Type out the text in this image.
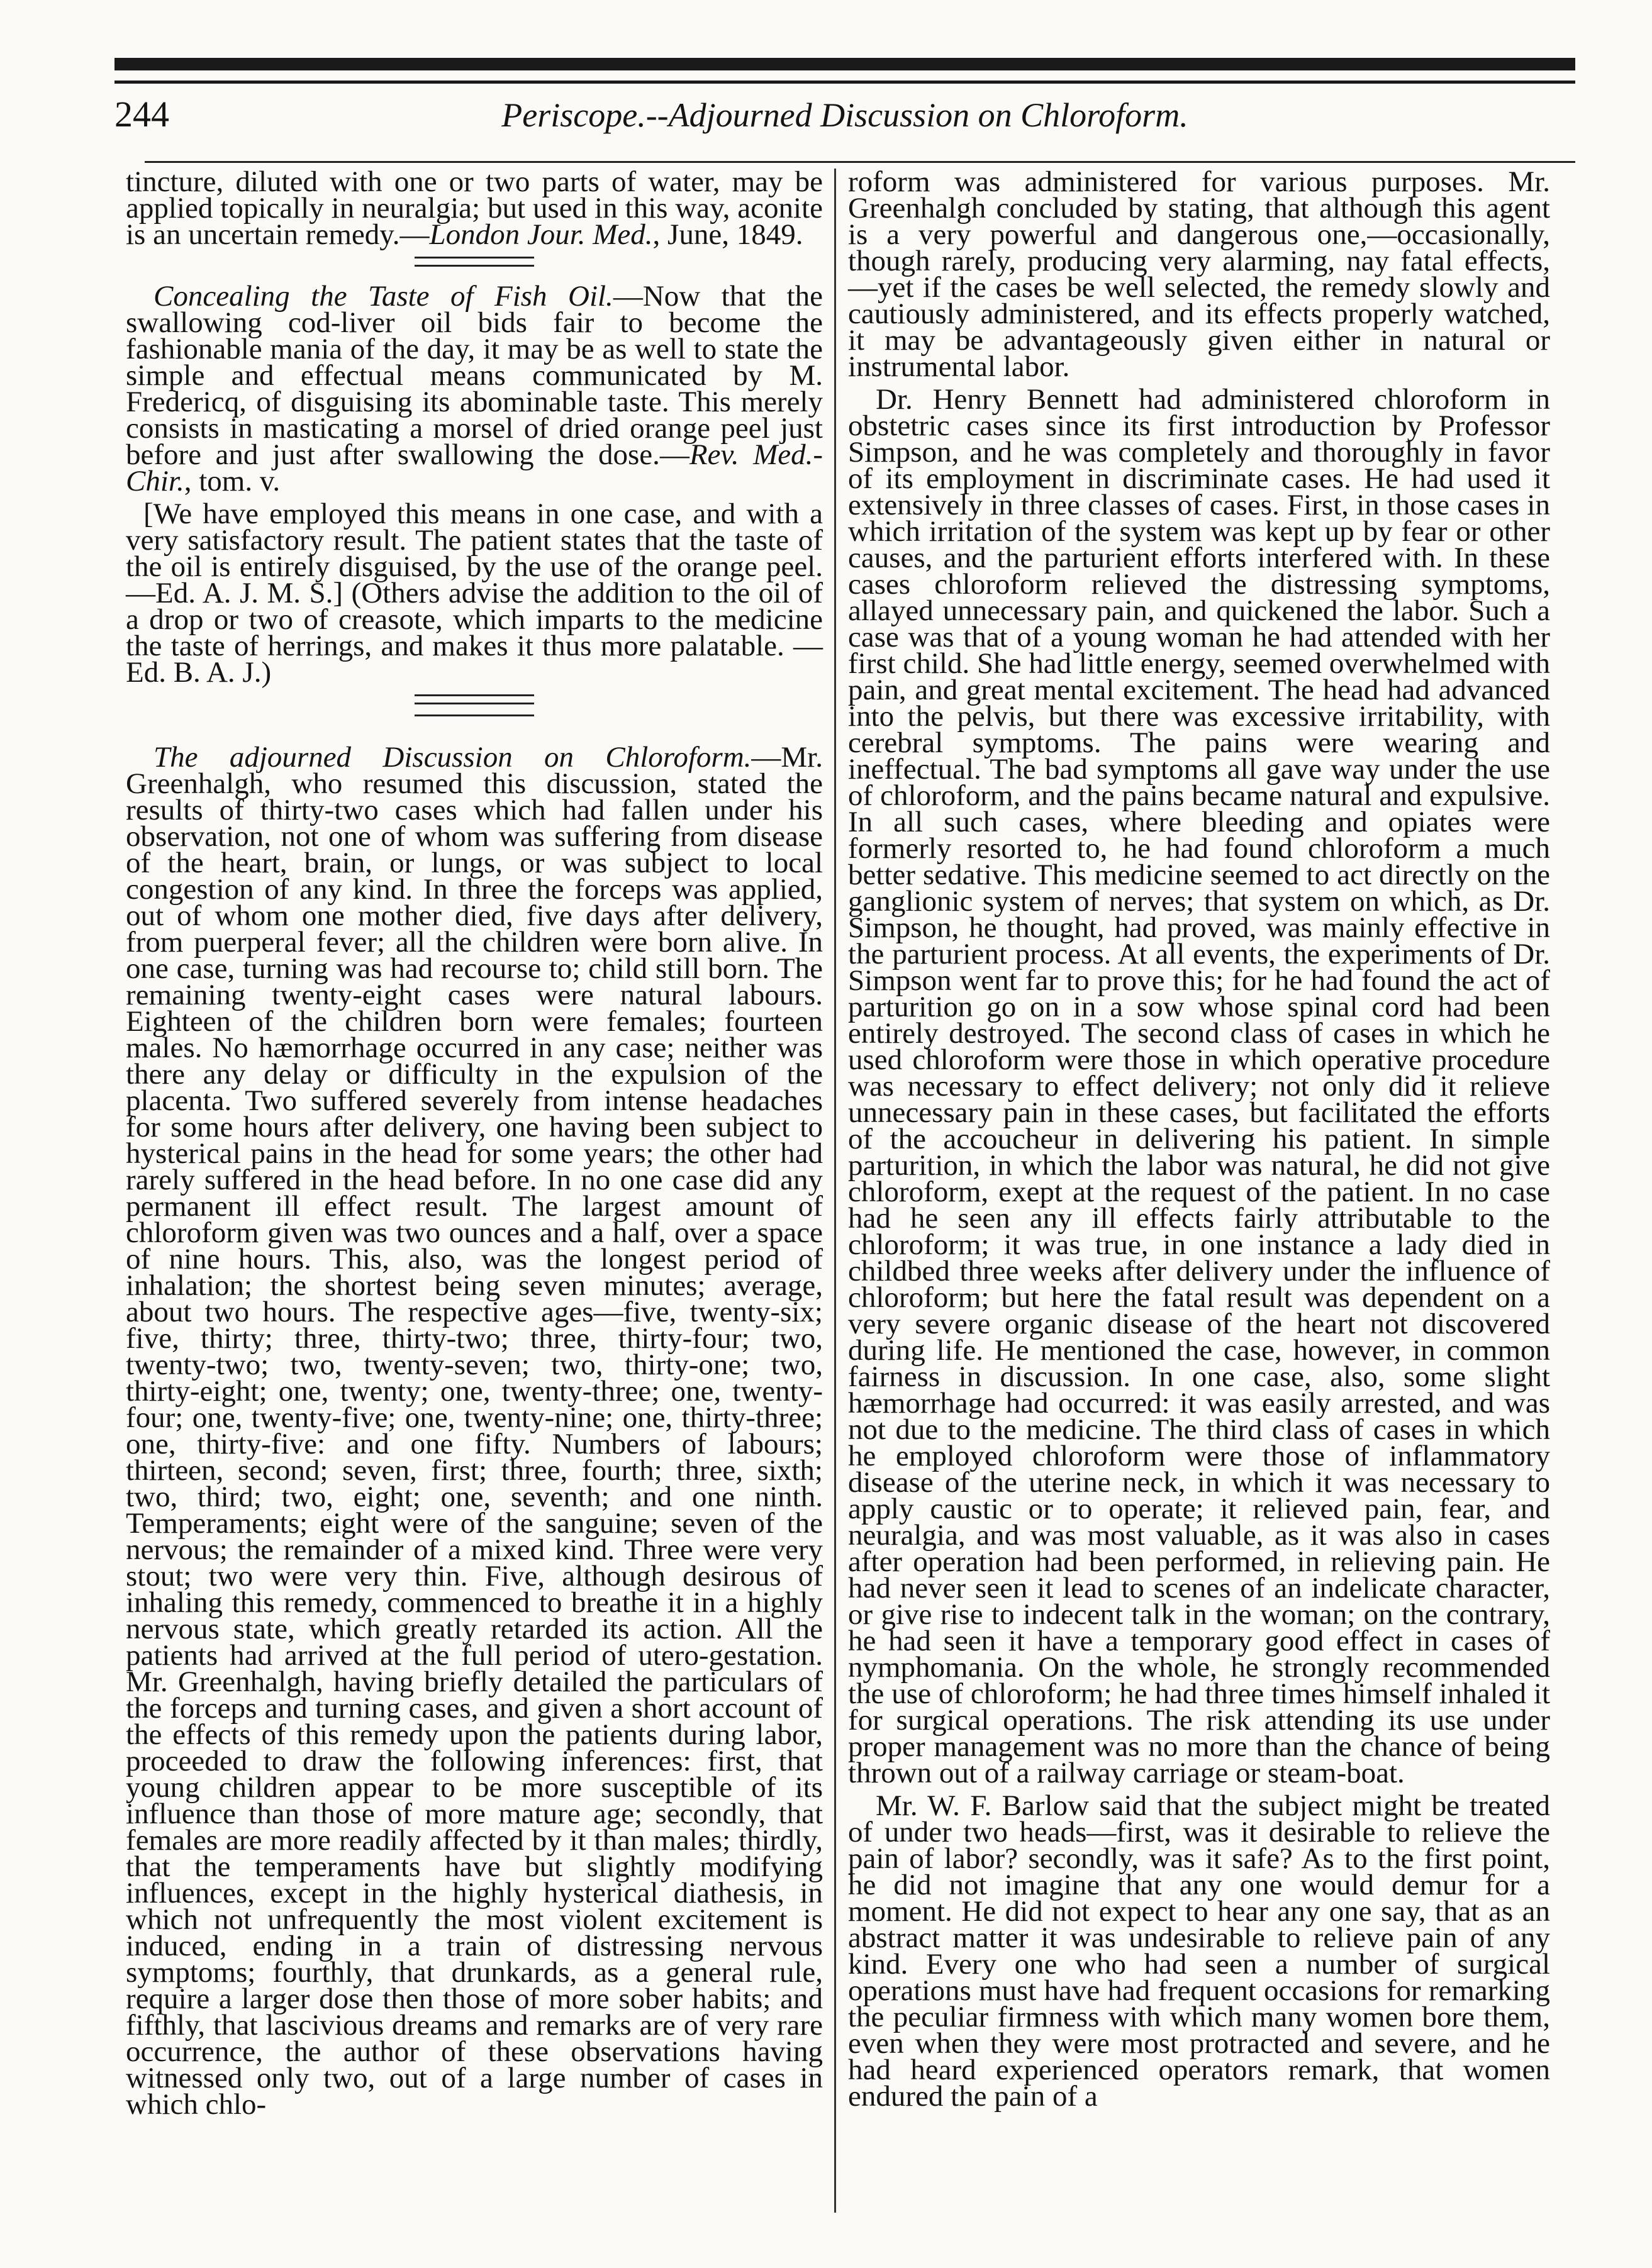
244	Periscope.--Adjourned Discussion on Chloroform.

tincture, diluted with one or two parts of water, may be applied topically in neuralgia; but used in this way, aconite is an uncertain remedy.—London Jour. Med., June, 1849.

Concealing the Taste of Fish Oil.—Now that the swallowing cod-liver oil bids fair to become the fashionable mania of the day, it may be as well to state the simple and effectual means communicated by M. Fredericq, of disguising its abominable taste. This merely consists in masticating a morsel of dried orange peel just before and just after swallowing the dose.—Rev. Med.-Chir., tom. v.

[We have employed this means in one case, and with a very satisfactory result. The patient states that the taste of the oil is entirely disguised, by the use of the orange peel.—Ed. A. J. M. S.] (Others advise the addition to the oil of a drop or two of creasote, which imparts to the medicine the taste of herrings, and makes it thus more palatable. —Ed. B. A. J.)

The adjourned Discussion on Chloroform.—Mr. Greenhalgh, who resumed this discussion, stated the results of thirty-two cases which had fallen under his observation, not one of whom was suffering from disease of the heart, brain, or lungs, or was subject to local congestion of any kind. In three the forceps was applied, out of whom one mother died, five days after delivery, from puerperal fever; all the children were born alive. In one case, turning was had recourse to; child still born. The remaining twenty-eight cases were natural labours. Eighteen of the children born were females; fourteen males. No hæmorrhage occurred in any case; neither was there any delay or difficulty in the expulsion of the placenta. Two suffered severely from intense headaches for some hours after delivery, one having been subject to hysterical pains in the head for some years; the other had rarely suffered in the head before. In no one case did any permanent ill effect result. The largest amount of chloroform given was two ounces and a half, over a space of nine hours. This, also, was the longest period of inhalation; the shortest being seven minutes; average, about two hours. The respective ages—five, twenty-six; five, thirty; three, thirty-two; three, thirty-four; two, twenty-two; two, twenty-seven; two, thirty-one; two, thirty-eight; one, twenty; one, twenty-three; one, twenty-four; one, twenty-five; one, twenty-nine; one, thirty-three; one, thirty-five: and one fifty. Numbers of labours; thirteen, second; seven, first; three, fourth; three, sixth; two, third; two, eight; one, seventh; and one ninth. Temperaments; eight were of the sanguine; seven of the nervous; the remainder of a mixed kind. Three were very stout; two were very thin. Five, although desirous of inhaling this remedy, commenced to breathe it in a highly nervous state, which greatly retarded its action. All the patients had arrived at the full period of utero-gestation. Mr. Greenhalgh, having briefly detailed the particulars of the forceps and turning cases, and given a short account of the effects of this remedy upon the patients during labor, proceeded to draw the following inferences: first, that young children appear to be more susceptible of its influence than those of more mature age; secondly, that females are more readily affected by it than males; thirdly, that the temperaments have but slightly modifying influences, except in the highly hysterical diathesis, in which not unfrequently the most violent excitement is induced, ending in a train of distressing nervous symptoms; fourthly, that drunkards, as a general rule, require a larger dose then those of more sober habits; and fifthly, that lascivious dreams and remarks are of very rare occurrence, the author of these observations having witnessed only two, out of a large number of cases in which chlo-

roform was administered for various purposes. Mr. Greenhalgh concluded by stating, that although this agent is a very powerful and dangerous one,—occasionally, though rarely, producing very alarming, nay fatal effects,—yet if the cases be well selected, the remedy slowly and cautiously administered, and its effects properly watched, it may be advantageously given either in natural or instrumental labor.

Dr. Henry Bennett had administered chloroform in obstetric cases since its first introduction by Professor Simpson, and he was completely and thoroughly in favor of its employment in discriminate cases. He had used it extensively in three classes of cases. First, in those cases in which irritation of the system was kept up by fear or other causes, and the parturient efforts interfered with. In these cases chloroform relieved the distressing symptoms, allayed unnecessary pain, and quickened the labor. Such a case was that of a young woman he had attended with her first child. She had little energy, seemed overwhelmed with pain, and great mental excitement. The head had advanced into the pelvis, but there was excessive irritability, with cerebral symptoms. The pains were wearing and ineffectual. The bad symptoms all gave way under the use of chloroform, and the pains became natural and expulsive. In all such cases, where bleeding and opiates were formerly resorted to, he had found chloroform a much better sedative. This medicine seemed to act directly on the ganglionic system of nerves; that system on which, as Dr. Simpson, he thought, had proved, was mainly effective in the parturient process. At all events, the experiments of Dr. Simpson went far to prove this; for he had found the act of parturition go on in a sow whose spinal cord had been entirely destroyed. The second class of cases in which he used chloroform were those in which operative procedure was necessary to effect delivery; not only did it relieve unnecessary pain in these cases, but facilitated the efforts of the accoucheur in delivering his patient. In simple parturition, in which the labor was natural, he did not give chloroform, exept at the request of the patient. In no case had he seen any ill effects fairly attributable to the chloroform; it was true, in one instance a lady died in childbed three weeks after delivery under the influence of chloroform; but here the fatal result was dependent on a very severe organic disease of the heart not discovered during life. He mentioned the case, however, in common fairness in discussion. In one case, also, some slight hæmorrhage had occurred: it was easily arrested, and was not due to the medicine. The third class of cases in which he employed chloroform were those of inflammatory disease of the uterine neck, in which it was necessary to apply caustic or to operate; it relieved pain, fear, and neuralgia, and was most valuable, as it was also in cases after operation had been performed, in relieving pain. He had never seen it lead to scenes of an indelicate character, or give rise to indecent talk in the woman; on the contrary, he had seen it have a temporary good effect in cases of nymphomania. On the whole, he strongly recommended the use of chloroform; he had three times himself inhaled it for surgical operations. The risk attending its use under proper management was no more than the chance of being thrown out of a railway carriage or steam-boat.

Mr. W. F. Barlow said that the subject might be treated of under two heads—first, was it desirable to relieve the pain of labor? secondly, was it safe? As to the first point, he did not imagine that any one would demur for a moment. He did not expect to hear any one say, that as an abstract matter it was undesirable to relieve pain of any kind. Every one who had seen a number of surgical operations must have had frequent occasions for remarking the peculiar firmness with which many women bore them, even when they were most protracted and severe, and he had heard experienced operators remark, that women endured the pain of a
